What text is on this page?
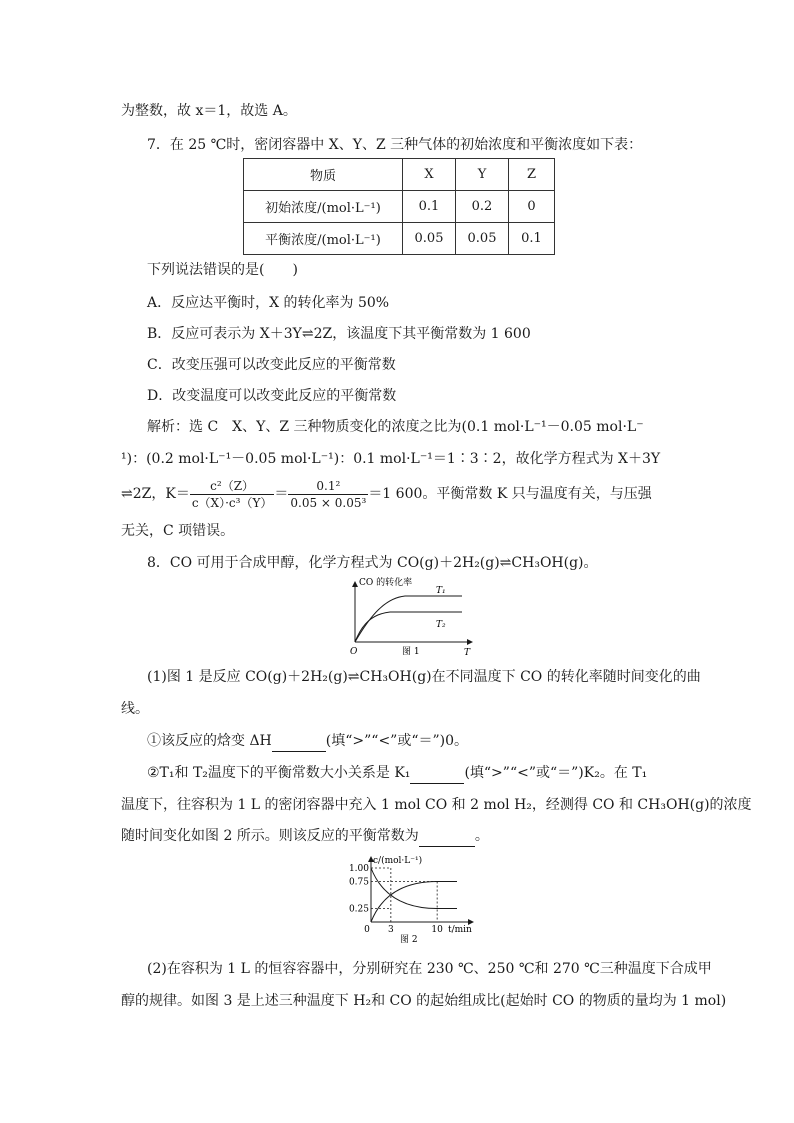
为整数，故 x＝1，故选 A。
7．在 25 ℃时，密闭容器中 X、Y、Z 三种气体的初始浓度和平衡浓度如下表：
物质	X	Y	Z
初始浓度/(mol·L⁻¹)	0.1	0.2	0
平衡浓度/(mol·L⁻¹)	0.05	0.05	0.1
下列说法错误的是(　　)
A．反应达平衡时，X 的转化率为 50%
B．反应可表示为 X＋3Y⇌2Z，该温度下其平衡常数为 1 600
C．改变压强可以改变此反应的平衡常数
D．改变温度可以改变此反应的平衡常数
解析：选 C　X、Y、Z 三种物质变化的浓度之比为(0.1 mol·L⁻¹－0.05 mol·L⁻
¹)：(0.2 mol·L⁻¹－0.05 mol·L⁻¹)：0.1 mol·L⁻¹＝1∶3∶2，故化学方程式为 X＋3Y
⇌2Z，$K= \frac{\text{c²（Z）}}{\text{c（X）·c³（Y）}} = \frac{\text{0.1²}}{\text{0.05 × 0.05³}} =1$ 600。平衡常数 K 只与温度有关，与压强
无关，C 项错误。
8．CO 可用于合成甲醇，化学方程式为 CO(g)＋2H₂(g)⇌CH₃OH(g)。
CO 的转化率
T₁
T₂
O	T
图 1
(1)图 1 是反应 CO(g)＋2H₂(g)⇌CH₃OH(g)在不同温度下 CO 的转化率随时间变化的曲
线。
①该反应的焓变 ΔH	(填“>”“<”或“＝”)0。
②T₁和 T₂温度下的平衡常数大小关系是 K₁	(填“>”“<”或“＝”)K₂。在 T₁
温度下，往容积为 1 L 的密闭容器中充入 1 mol CO 和 2 mol H₂，经测得 CO 和 CH₃OH(g)的浓度
随时间变化如图 2 所示。则该反应的平衡常数为	。
1.00
0.75
0.25
0 3	10
c/(mol·L⁻¹)
t/min
图 2
(2)在容积为 1 L 的恒容容器中，分别研究在 230 ℃、250 ℃和 270 ℃三种温度下合成甲
醇的规律。如图 3 是上述三种温度下 H₂和 CO 的起始组成比(起始时 CO 的物质的量均为 1 mol)
